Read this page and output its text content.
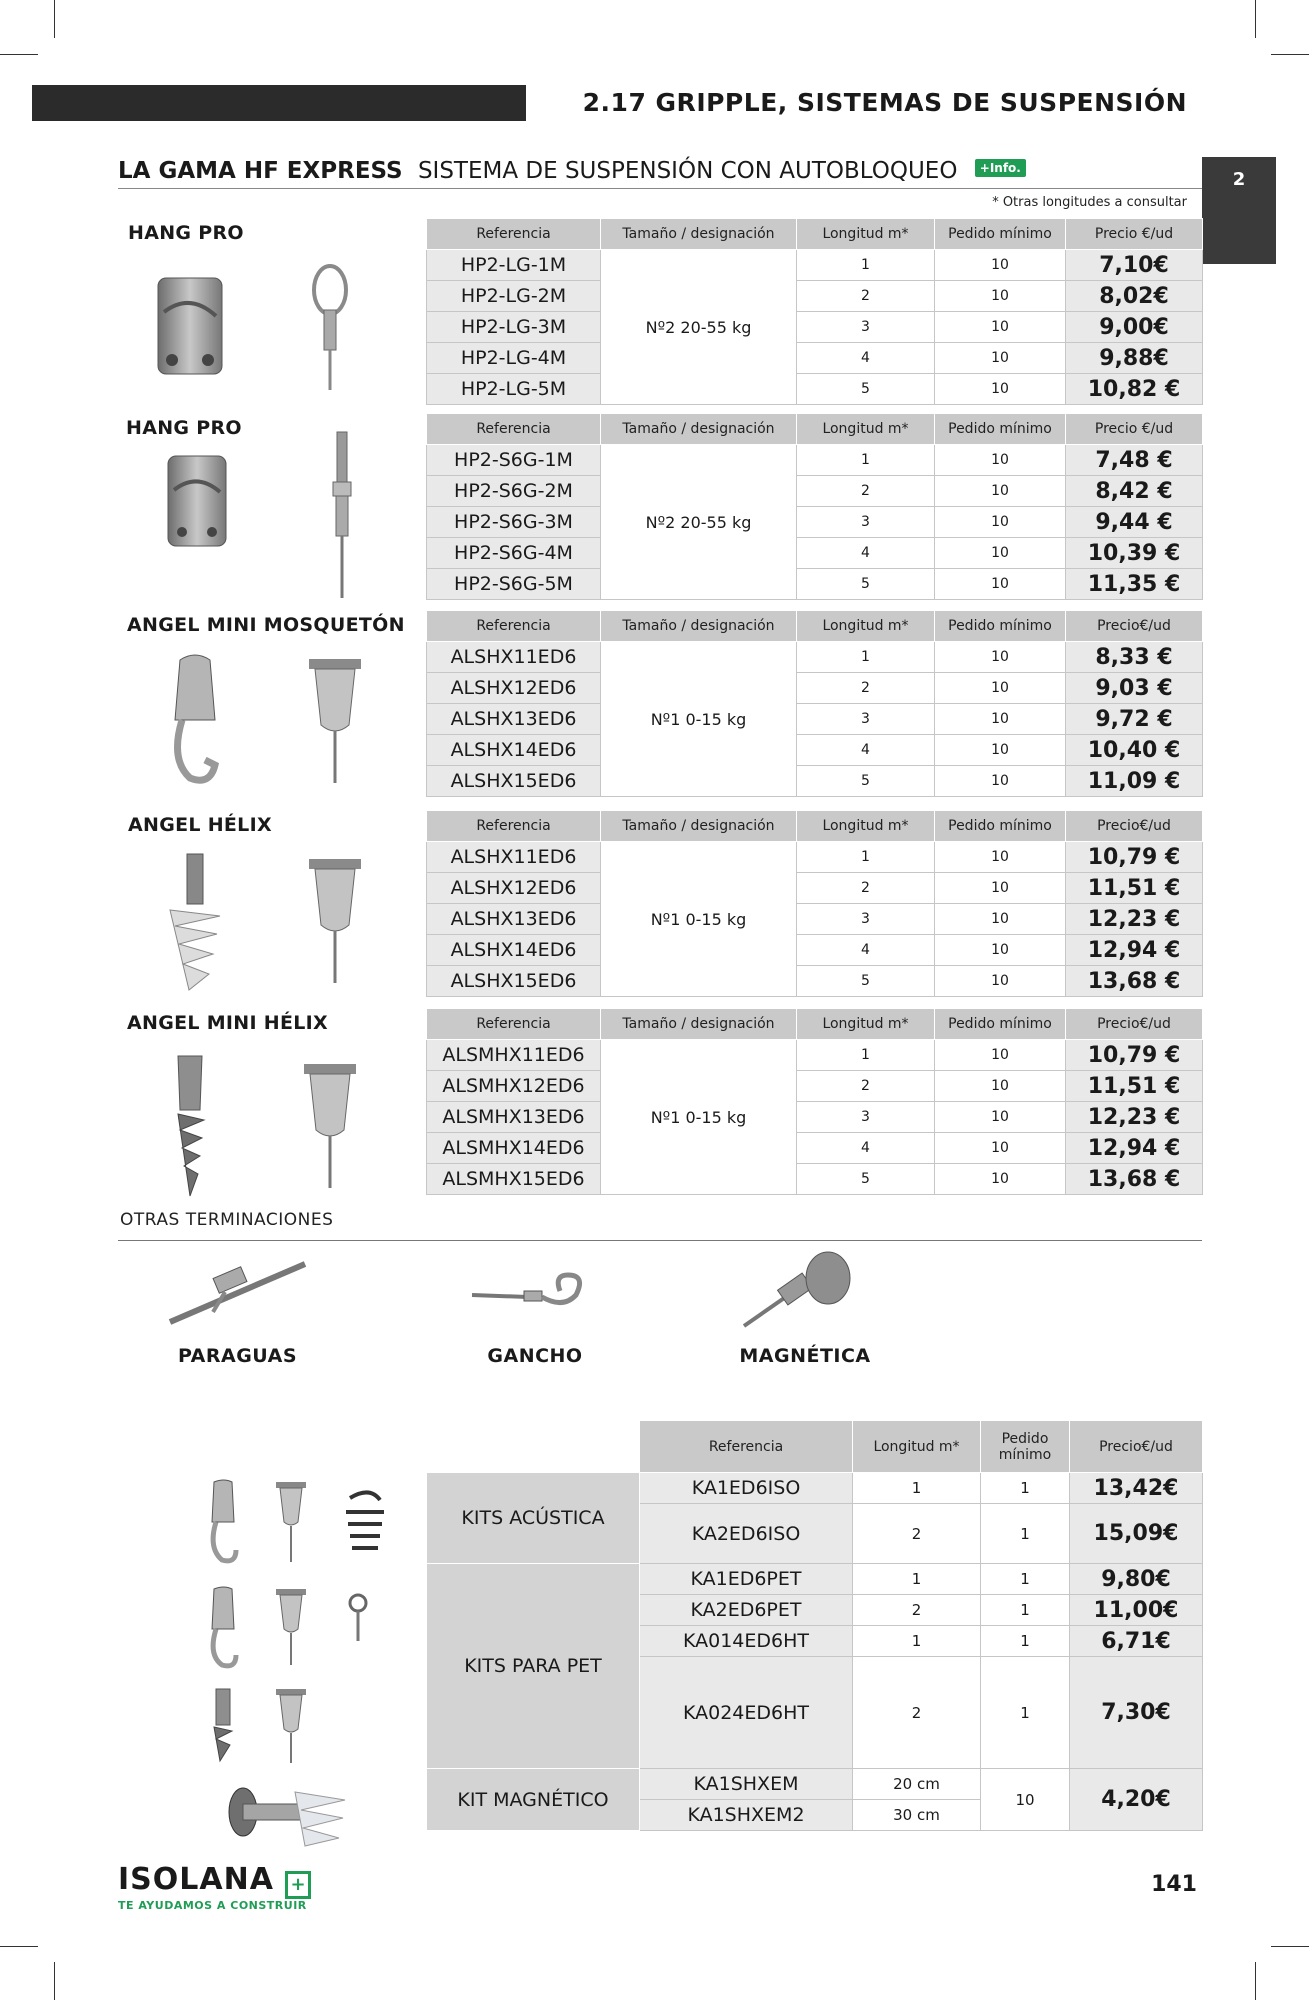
2.17 GRIPPLE, SISTEMAS DE SUSPENSIÓN
2
LA GAMA HF EXPRESS SISTEMA DE SUSPENSIÓN CON AUTOBLOQUEO +Info.
* Otras longitudes a consultar
HANG PRO	Referencia	Tamaño / designación	Longitud m*	Pedido mínimo	Precio €/ud
HP2-LG-1M	Nº2 20-55 kg	1	10	7,10€
HP2-LG-2M		2	10	8,02€
HP2-LG-3M		3	10	9,00€
HP2-LG-4M		4	10	9,88€
HP2-LG-5M		5	10	10,82 €
HANG PRO	Referencia	Tamaño / designación	Longitud m*	Pedido mínimo	Precio €/ud
HP2-S6G-1M	Nº2 20-55 kg	1	10	7,48 €
HP2-S6G-2M		2	10	8,42 €
HP2-S6G-3M		3	10	9,44 €
HP2-S6G-4M		4	10	10,39 €
HP2-S6G-5M		5	10	11,35 €
ANGEL MINI MOSQUETÓN	Referencia	Tamaño / designación	Longitud m*	Pedido mínimo	Precio€/ud
ALSHX11ED6	Nº1 0-15 kg	1	10	8,33 €
ALSHX12ED6		2	10	9,03 €
ALSHX13ED6		3	10	9,72 €
ALSHX14ED6		4	10	10,40 €
ALSHX15ED6		5	10	11,09 €
ANGEL HÉLIX	Referencia	Tamaño / designación	Longitud m*	Pedido mínimo	Precio€/ud
ALSHX11ED6	Nº1 0-15 kg	1	10	10,79 €
ALSHX12ED6		2	10	11,51 €
ALSHX13ED6		3	10	12,23 €
ALSHX14ED6		4	10	12,94 €
ALSHX15ED6		5	10	13,68 €
ANGEL MINI HÉLIX	Referencia	Tamaño / designación	Longitud m*	Pedido mínimo	Precio€/ud
ALSMHX11ED6	Nº1 0-15 kg	1	10	10,79 €
ALSMHX12ED6		2	10	11,51 €
ALSMHX13ED6		3	10	12,23 €
ALSMHX14ED6		4	10	12,94 €
ALSMHX15ED6		5	10	13,68 €
OTRAS TERMINACIONES
PARAGUAS	GANCHO	MAGNÉTICA
	Referencia	Longitud m*	Pedido mínimo	Precio€/ud
KITS ACÚSTICA	KA1ED6ISO	1	1	13,42€
	KA2ED6ISO	2	1	15,09€
KITS PARA PET	KA1ED6PET	1	1	9,80€
	KA2ED6PET	2	1	11,00€
	KA014ED6HT	1	1	6,71€
	KA024ED6HT	2	1	7,30€
KIT MAGNÉTICO	KA1SHXEM	20 cm	10	4,20€
	KA1SHXEM2	30 cm		
ISOLANA +
TE AYUDAMOS A CONSTRUIR
141
